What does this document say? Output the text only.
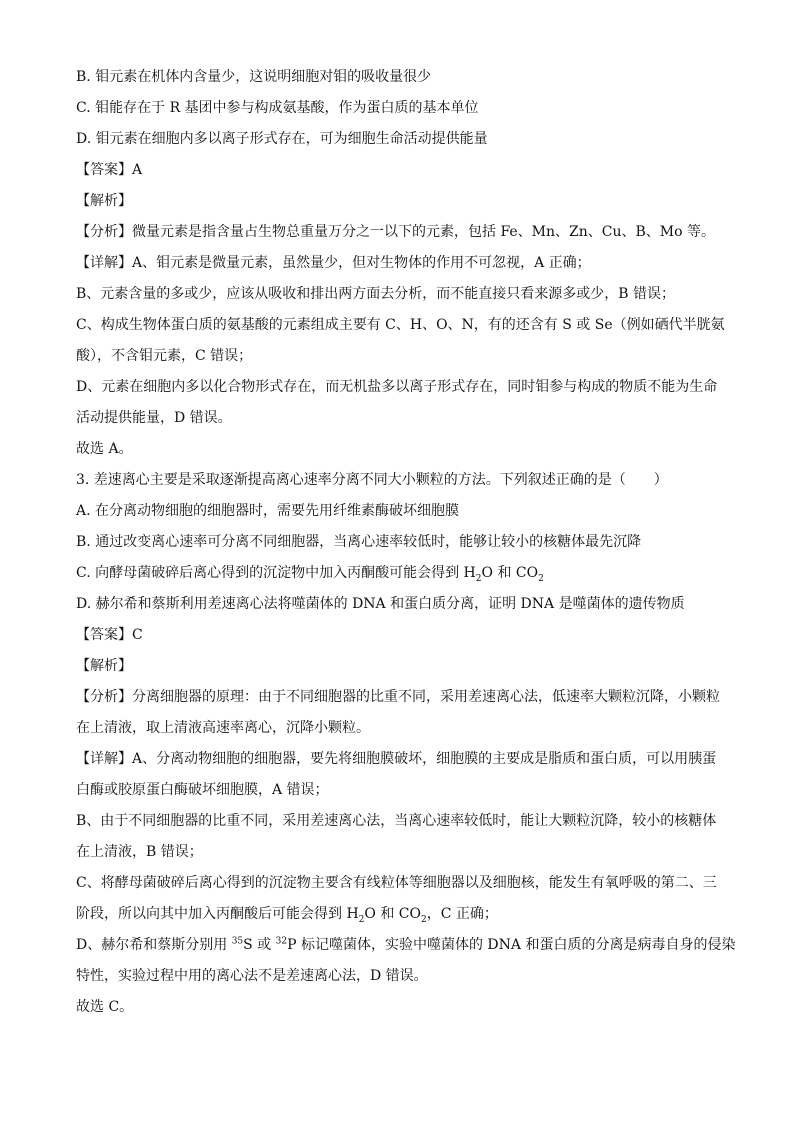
B. 钼元素在机体内含量少，这说明细胞对钼的吸收量很少
C. 钼能存在于 R 基团中参与构成氨基酸，作为蛋白质的基本单位
D. 钼元素在细胞内多以离子形式存在，可为细胞生命活动提供能量
【答案】A
【解析】
【分析】微量元素是指含量占生物总重量万分之一以下的元素，包括 Fe、Mn、Zn、Cu、B、Mo 等。
【详解】A、钼元素是微量元素，虽然量少，但对生物体的作用不可忽视，A 正确；
B、元素含量的多或少，应该从吸收和排出两方面去分析，而不能直接只看来源多或少，B 错误；
C、构成生物体蛋白质的氨基酸的元素组成主要有 C、H、O、N，有的还含有 S 或 Se（例如硒代半胱氨
酸），不含钼元素，C 错误；
D、元素在细胞内多以化合物形式存在，而无机盐多以离子形式存在，同时钼参与构成的物质不能为生命
活动提供能量，D 错误。
故选 A。
3. 差速离心主要是采取逐渐提高离心速率分离不同大小颗粒的方法。下列叙述正确的是（　　）
A. 在分离动物细胞的细胞器时，需要先用纤维素酶破坏细胞膜
B. 通过改变离心速率可分离不同细胞器，当离心速率较低时，能够让较小的核糖体最先沉降
C. 向酵母菌破碎后离心得到的沉淀物中加入丙酮酸可能会得到 $H_2O$ 和 $CO_2$
D. 赫尔希和蔡斯利用差速离心法将噬菌体的 DNA 和蛋白质分离，证明 DNA 是噬菌体的遗传物质
【答案】C
【解析】
【分析】分离细胞器的原理：由于不同细胞器的比重不同，采用差速离心法，低速率大颗粒沉降，小颗粒
在上清液，取上清液高速率离心，沉降小颗粒。
【详解】A、分离动物细胞的细胞器，要先将细胞膜破坏，细胞膜的主要成是脂质和蛋白质，可以用胰蛋
白酶或胶原蛋白酶破坏细胞膜，A 错误；
B、由于不同细胞器的比重不同，采用差速离心法，当离心速率较低时，能让大颗粒沉降，较小的核糖体
在上清液，B 错误；
C、将酵母菌破碎后离心得到的沉淀物主要含有线粒体等细胞器以及细胞核，能发生有氧呼吸的第二、三
阶段，所以向其中加入丙酮酸后可能会得到 $H_2O$ 和 $CO_2$，C 正确；
D、赫尔希和蔡斯分别用 $^{35}$S 或 $^{32}$P 标记噬菌体，实验中噬菌体的 DNA 和蛋白质的分离是病毒自身的侵染
特性，实验过程中用的离心法不是差速离心法，D 错误。
故选 C。
